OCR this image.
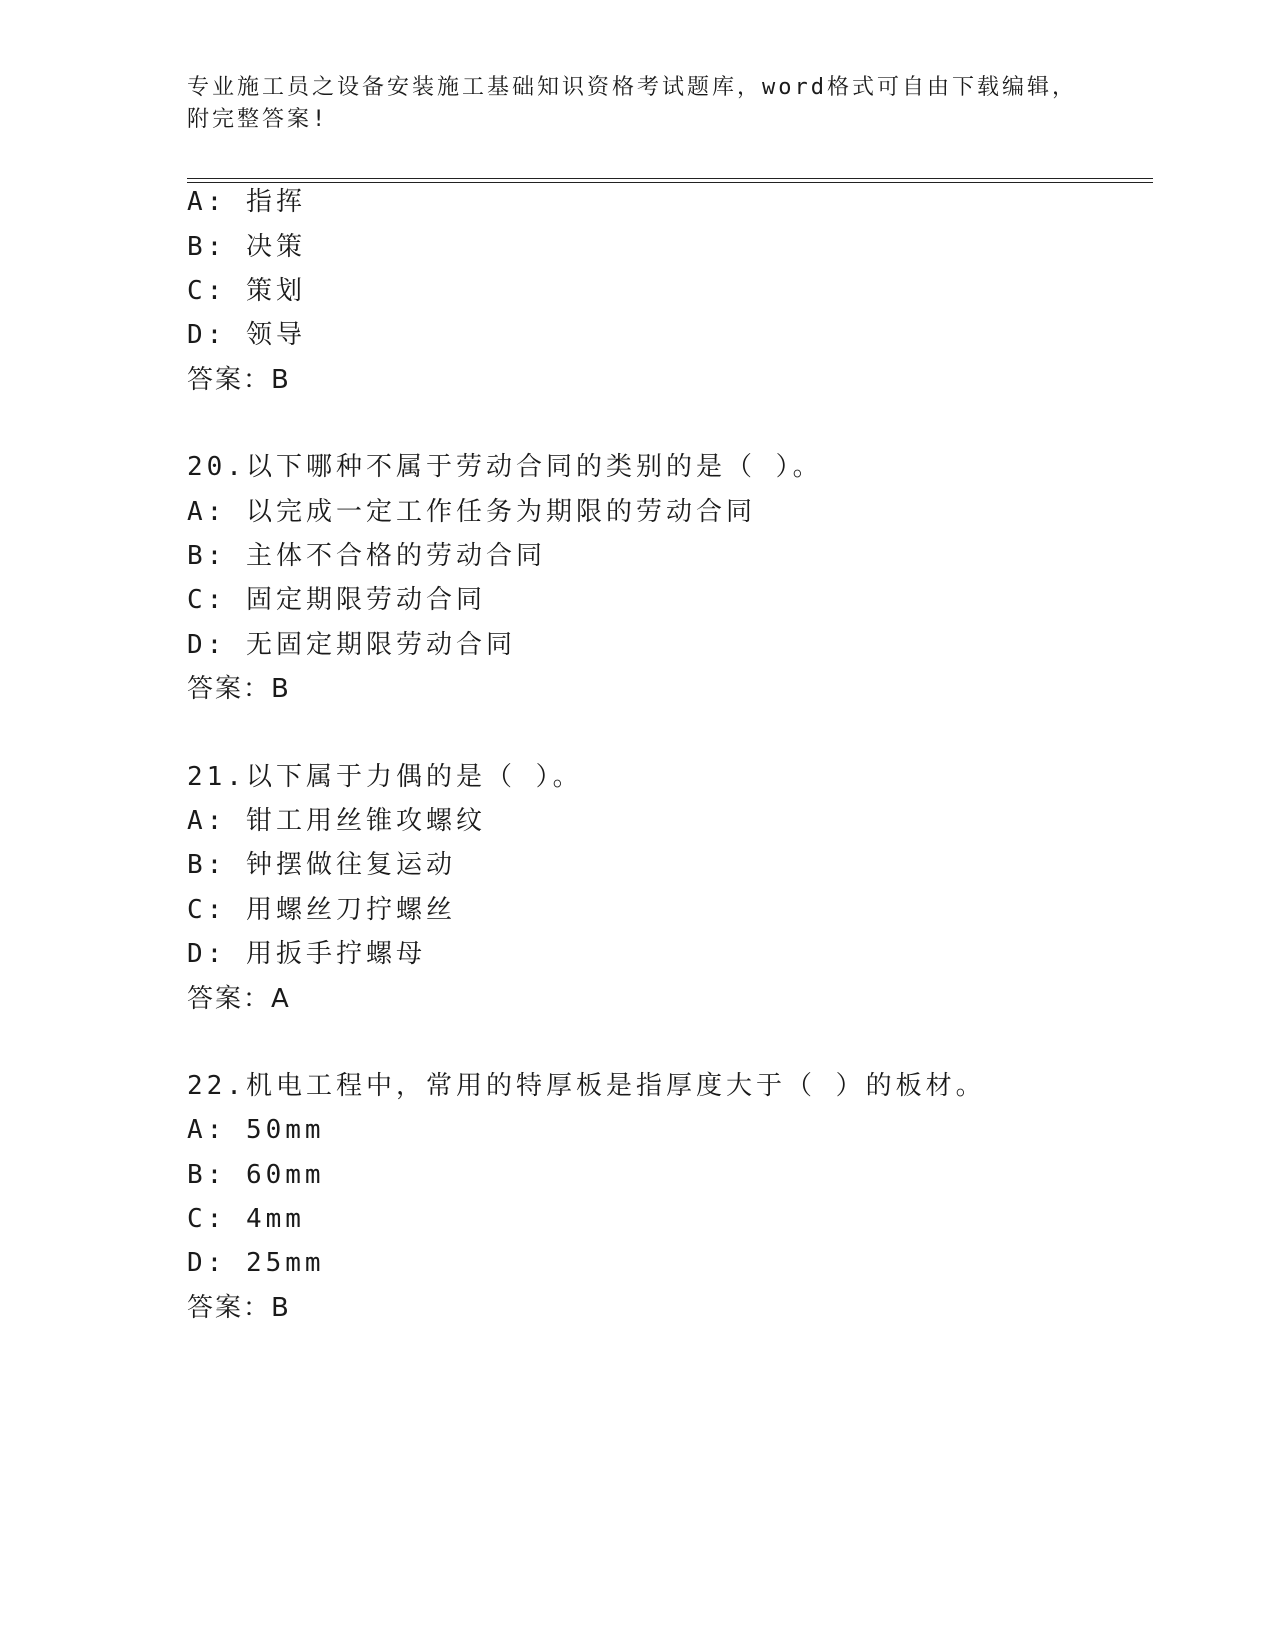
专业施工员之设备安装施工基础知识资格考试题库，word格式可自由下载编辑，
附完整答案!
A: 指挥
B: 决策
C: 策划
D: 领导
答案：B
20.以下哪种不属于劳动合同的类别的是（ ）。
A: 以完成一定工作任务为期限的劳动合同
B: 主体不合格的劳动合同
C: 固定期限劳动合同
D: 无固定期限劳动合同
答案：B
21.以下属于力偶的是（ ）。
A: 钳工用丝锥攻螺纹
B: 钟摆做往复运动
C: 用螺丝刀拧螺丝
D: 用扳手拧螺母
答案：A
22.机电工程中，常用的特厚板是指厚度大于（ ）的板材。
A: 50mm
B: 60mm
C: 4mm
D: 25mm
答案：B
